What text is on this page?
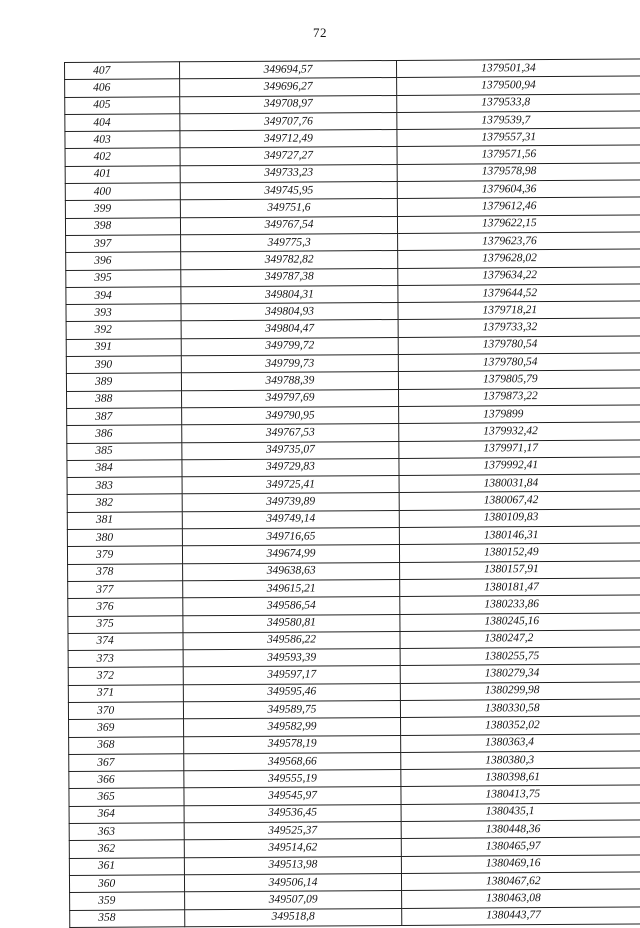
72
407	349694,57	1379501,34
406	349696,27	1379500,94
405	349708,97	1379533,8
404	349707,76	1379539,7
403	349712,49	1379557,31
402	349727,27	1379571,56
401	349733,23	1379578,98
400	349745,95	1379604,36
399	349751,6	1379612,46
398	349767,54	1379622,15
397	349775,3	1379623,76
396	349782,82	1379628,02
395	349787,38	1379634,22
394	349804,31	1379644,52
393	349804,93	1379718,21
392	349804,47	1379733,32
391	349799,72	1379780,54
390	349799,73	1379780,54
389	349788,39	1379805,79
388	349797,69	1379873,22
387	349790,95	1379899
386	349767,53	1379932,42
385	349735,07	1379971,17
384	349729,83	1379992,41
383	349725,41	1380031,84
382	349739,89	1380067,42
381	349749,14	1380109,83
380	349716,65	1380146,31
379	349674,99	1380152,49
378	349638,63	1380157,91
377	349615,21	1380181,47
376	349586,54	1380233,86
375	349580,81	1380245,16
374	349586,22	1380247,2
373	349593,39	1380255,75
372	349597,17	1380279,34
371	349595,46	1380299,98
370	349589,75	1380330,58
369	349582,99	1380352,02
368	349578,19	1380363,4
367	349568,66	1380380,3
366	349555,19	1380398,61
365	349545,97	1380413,75
364	349536,45	1380435,1
363	349525,37	1380448,36
362	349514,62	1380465,97
361	349513,98	1380469,16
360	349506,14	1380467,62
359	349507,09	1380463,08
358	349518,8	1380443,77
